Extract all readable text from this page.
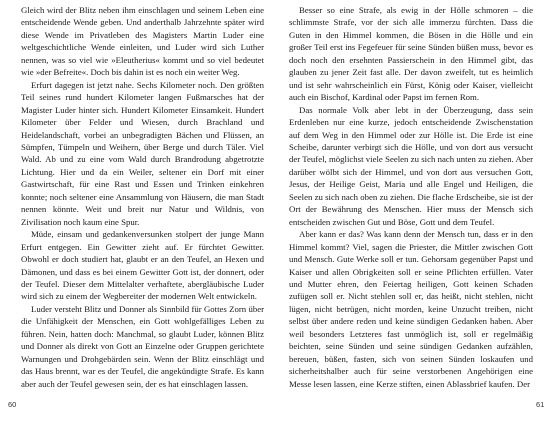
Gleich wird der Blitz neben ihm einschlagen und seinem Leben eine entscheidende Wende geben. Und anderthalb Jahrzehnte später wird diese Wende im Privatleben des Magisters Martin Luder eine weltgeschichtliche Wende einleiten, und Luder wird sich Luther nennen, was so viel wie »Eleutherius« kommt und so viel bedeutet wie »der Befreite«. Doch bis dahin ist es noch ein weiter Weg.

Erfurt dagegen ist jetzt nahe. Sechs Kilometer noch. Den größten Teil seines rund hundert Kilometer langen Fußmarsches hat der Magister Luder hinter sich. Hundert Kilometer Einsamkeit. Hundert Kilometer über Felder und Wiesen, durch Brachland und Heidelandschaft, vorbei an unbegradigten Bächen und Flüssen, an Sümpfen, Tümpeln und Weihern, über Berge und durch Täler. Viel Wald. Ab und zu eine vom Wald durch Brandrodung abgetrotzte Lichtung. Hier und da ein Weiler, seltener ein Dorf mit einer Gastwirtschaft, für eine Rast und Essen und Trinken einkehren konnte; noch seltener eine Ansammlung von Häusern, die man Stadt nennen könnte. Weit und breit nur Natur und Wildnis, von Zivilisation noch kaum eine Spur.

Müde, einsam und gedankenversunken stolpert der junge Mann Erfurt entgegen. Ein Gewitter zieht auf. Er fürchtet Gewitter. Obwohl er doch studiert hat, glaubt er an den Teufel, an Hexen und Dämonen, und dass es bei einem Gewitter Gott ist, der donnert, oder der Teufel. Dieser dem Mittelalter verhaftete, abergläubische Luder wird sich zu einem der Wegbereiter der modernen Welt entwickeln.

Luder versteht Blitz und Donner als Sinnbild für Gottes Zorn über die Unfähigkeit der Menschen, ein Gott wohlgefälliges Leben zu führen. Nein, hatten doch: Manchmal, so glaubt Luder, können Blitz und Donner als direkt von Gott an Einzelne oder Gruppen gerichtete Warnungen und Drohgebärden sein. Wenn der Blitz einschlägt und das Haus brennt, war es der Teufel, die angekündigte Strafe. Es kann aber auch der Teufel gewesen sein, der es hat einschlagen lassen.

60

Besser so eine Strafe, als ewig in der Hölle schmoren – die schlimmste Strafe, vor der sich alle immerzu fürchten. Dass die Guten in den Himmel kommen, die Bösen in die Hölle und ein großer Teil erst ins Fegefeuer für seine Sünden büßen muss, bevor es doch noch den ersehnten Passierschein in den Himmel gibt, das glauben zu jener Zeit fast alle. Der davon zweifelt, tut es heimlich und ist sehr wahrscheinlich ein Fürst, König oder Kaiser, vielleicht auch ein Bischof, Kardinal oder Papst im fernen Rom.

Das normale Volk aber lebt in der Überzeugung, dass sein Erdenleben nur eine kurze, jedoch entscheidende Zwischenstation auf dem Weg in den Himmel oder zur Hölle ist. Die Erde ist eine Scheibe, darunter verbirgt sich die Hölle, und von dort aus versucht der Teufel, möglichst viele Seelen zu sich nach unten zu ziehen. Aber darüber wölbt sich der Himmel, und von dort aus versuchen Gott, Jesus, der Heilige Geist, Maria und alle Engel und Heiligen, die Seelen zu sich nach oben zu ziehen. Die flache Erdscheibe, sie ist der Ort der Bewährung des Menschen. Hier muss der Mensch sich entscheiden zwischen Gut und Böse, Gott und dem Teufel.

Aber kann er das? Was kann denn der Mensch tun, dass er in den Himmel kommt? Viel, sagen die Priester, die Mittler zwischen Gott und Mensch. Gute Werke soll er tun. Gehorsam gegenüber Papst und Kaiser und allen Obrigkeiten soll er seine Pflichten erfüllen. Vater und Mutter ehren, den Feiertag heiligen, Gott keinen Schaden zufügen soll er. Nicht stehlen soll er, das heißt, nicht stehlen, nicht lügen, nicht betrügen, nicht morden, keine Unzucht treiben, nicht selbst über andere reden und keine sündigen Gedanken haben. Aber weil besonders Letzteres fast unmöglich ist, soll er regelmäßig beichten, seine Sünden und seine sündigen Gedanken aufzählen, bereuen, büßen, fasten, sich von seinen Sünden loskaufen und sicherheitshalber auch für seine verstorbenen Angehörigen eine Messe lesen lassen, eine Kerze stiften, einen Ablassbrief kaufen. Der

61
